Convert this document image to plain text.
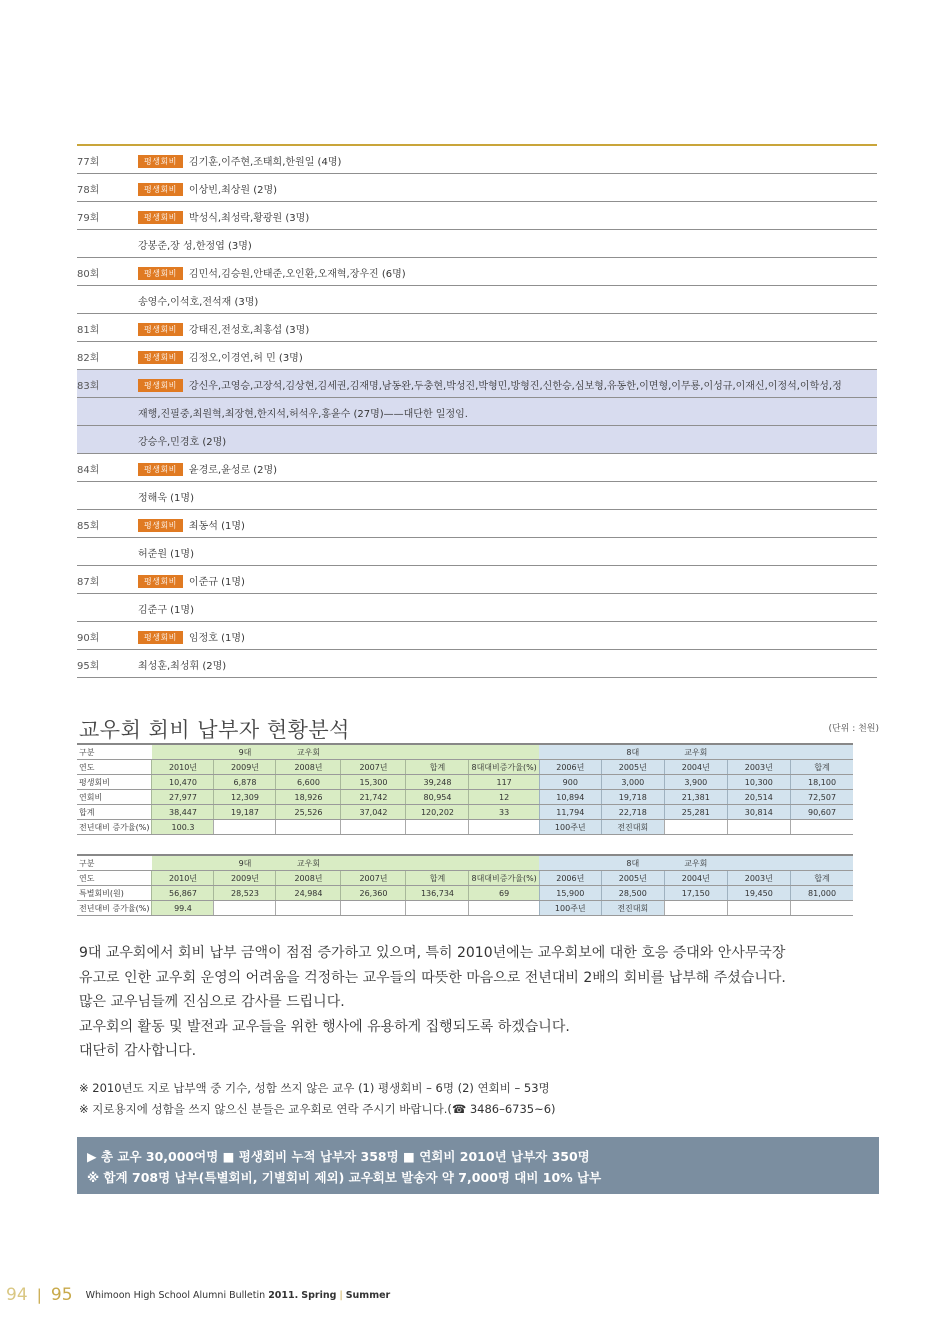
77회	평생회비 김기훈,이주현,조태희,한원일 (4명)
78회	평생회비 이상빈,최상원 (2명)
79회	평생회비 박성식,최성락,황광원 (3명)
강봉준,장 성,한정엽 (3명)
80회	평생회비 김민석,김승원,안태준,오인환,오재혁,장우진 (6명)
송영수,이석호,전석재 (3명)
81회	평생회비 강태진,전성호,최홍섭 (3명)
82회	평생회비 김정오,이경연,허 민 (3명)
83회	평생회비 강신우,고영승,고장석,김상현,김세권,김재명,남동완,두충현,박성진,박형민,방형진,신한승,심보형,유동한,이면형,이무룡,이성규,이재신,이정석,이학성,정
재행,진필중,최원혁,최장현,한지석,허석우,홍윤수 (27명)——대단한 일정임.
강승우,민경호 (2명)
84회	평생회비 윤경로,윤성로 (2명)
정해욱 (1명)
85회	평생회비 최동석 (1명)
허준원 (1명)
87회	평생회비 이준규 (1명)
김준구 (1명)
90회	평생회비 임정호 (1명)
95회	최성훈,최성휘 (2명)
교우회 회비 납부자 현황분석	(단위 : 천원)
구분		9대	교우회					8대	교우회		
연도	2010년	2009년	2008년	2007년	합계	8대대비증가율(%)	2006년	2005년	2004년	2003년	합계
평생회비	10,470	6,878	6,600	15,300	39,248	117	900	3,000	3,900	10,300	18,100
연회비	27,977	12,309	18,926	21,742	80,954	12	10,894	19,718	21,381	20,514	72,507
합계	38,447	19,187	25,526	37,042	120,202	33	11,794	22,718	25,281	30,814	90,607
전년대비 증가율(%)	100.3						100주년	전진대회			
구분		9대	교우회					8대	교우회		
연도	2010년	2009년	2008년	2007년	합계	8대대비증가율(%)	2006년	2005년	2004년	2003년	합계
특별회비(원)	56,867	28,523	24,984	26,360	136,734	69	15,900	28,500	17,150	19,450	81,000
전년대비 증가율(%)	99.4						100주년	전진대회			

9대 교우회에서 회비 납부 금액이 점점 증가하고 있으며, 특히 2010년에는 교우회보에 대한 호응 증대와 안사무국장

유고로 인한 교우회 운영의 어려움을 걱정하는 교우들의 따뜻한 마음으로 전년대비 2배의 회비를 납부해 주셨습니다.

많은 교우님들께 진심으로 감사를 드립니다.

교우회의 활동 및 발전과 교우들을 위한 행사에 유용하게 집행되도록 하겠습니다.

대단히 감사합니다.

※ 2010년도 지로 납부액 중 기수, 성함 쓰지 않은 교우 (1) 평생회비 – 6명 (2) 연회비 – 53명

※ 지로용지에 성함을 쓰지 않으신 분들은 교우회로 연락 주시기 바랍니다.(☎ 3486–6735~6)

▶ 총 교우 30,000여명 ■ 평생회비 누적 납부자 358명 ■ 연회비 2010년 납부자 350명

※ 합계 708명 납부(특별회비, 기별회비 제외) 교우회보 발송자 약 7,000명 대비 10% 납부

94 | 95 Whimoon High School Alumni Bulletin 2011. Spring | Summer
